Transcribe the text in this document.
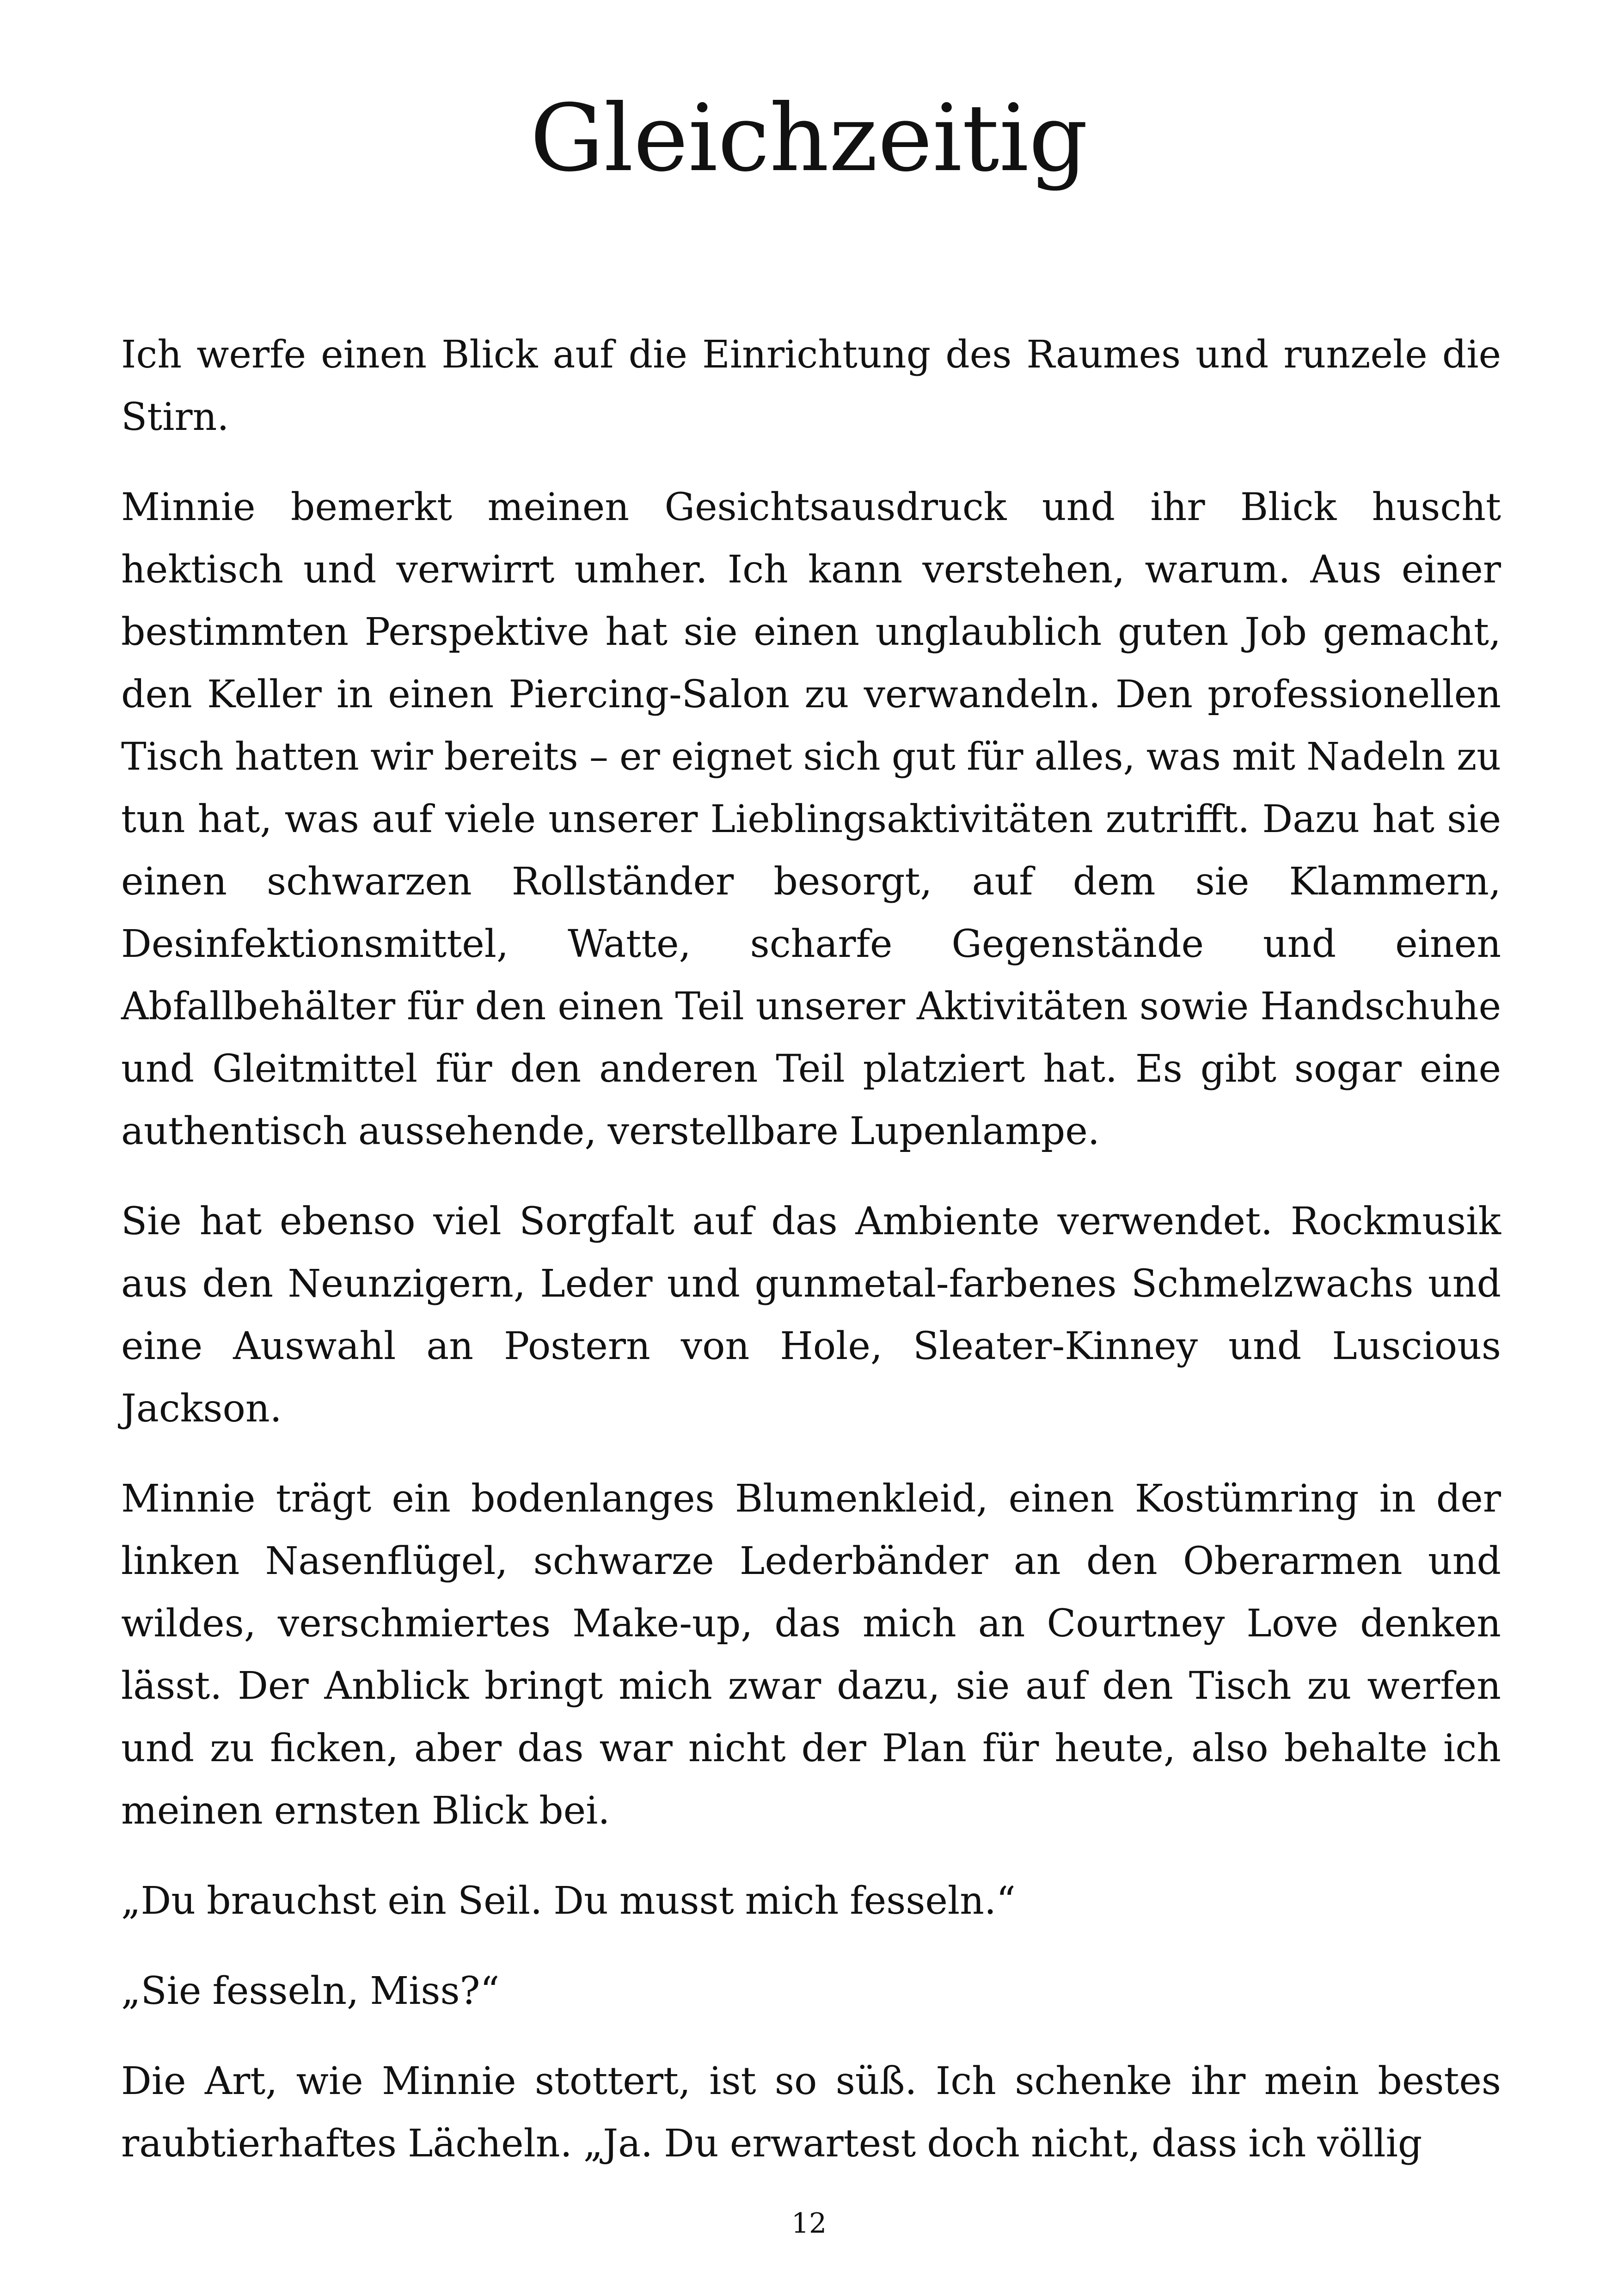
Gleichzeitig

Ich werfe einen Blick auf die Einrichtung des Raumes und runzele die Stirn.

Minnie bemerkt meinen Gesichtsausdruck und ihr Blick huscht hektisch und verwirrt umher. Ich kann verstehen, warum. Aus einer bestimmten Perspektive hat sie einen unglaublich guten Job gemacht, den Keller in einen Piercing-Salon zu verwandeln. Den professionellen Tisch hatten wir bereits – er eignet sich gut für alles, was mit Nadeln zu tun hat, was auf viele unserer Lieblingsaktivitäten zutrifft. Dazu hat sie einen schwarzen Rollständer besorgt, auf dem sie Klammern, Desinfektionsmittel, Watte, scharfe Gegenstände und einen Abfallbehälter für den einen Teil unserer Aktivitäten sowie Handschuhe und Gleitmittel für den anderen Teil platziert hat. Es gibt sogar eine authentisch aussehende, verstellbare Lupenlampe.

Sie hat ebenso viel Sorgfalt auf das Ambiente verwendet. Rockmusik aus den Neunzigern, Leder und gunmetal-farbenes Schmelzwachs und eine Auswahl an Postern von Hole, Sleater-Kinney und Luscious Jackson.

Minnie trägt ein bodenlanges Blumenkleid, einen Kostümring in der linken Nasenflügel, schwarze Lederbänder an den Oberarmen und wildes, verschmiertes Make-up, das mich an Courtney Love denken lässt. Der Anblick bringt mich zwar dazu, sie auf den Tisch zu werfen und zu ficken, aber das war nicht der Plan für heute, also behalte ich meinen ernsten Blick bei.

„Du brauchst ein Seil. Du musst mich fesseln.“

„Sie fesseln, Miss?“

Die Art, wie Minnie stottert, ist so süß. Ich schenke ihr mein bestes raubtierhaftes Lächeln. „Ja. Du erwartest doch nicht, dass ich völlig

12
